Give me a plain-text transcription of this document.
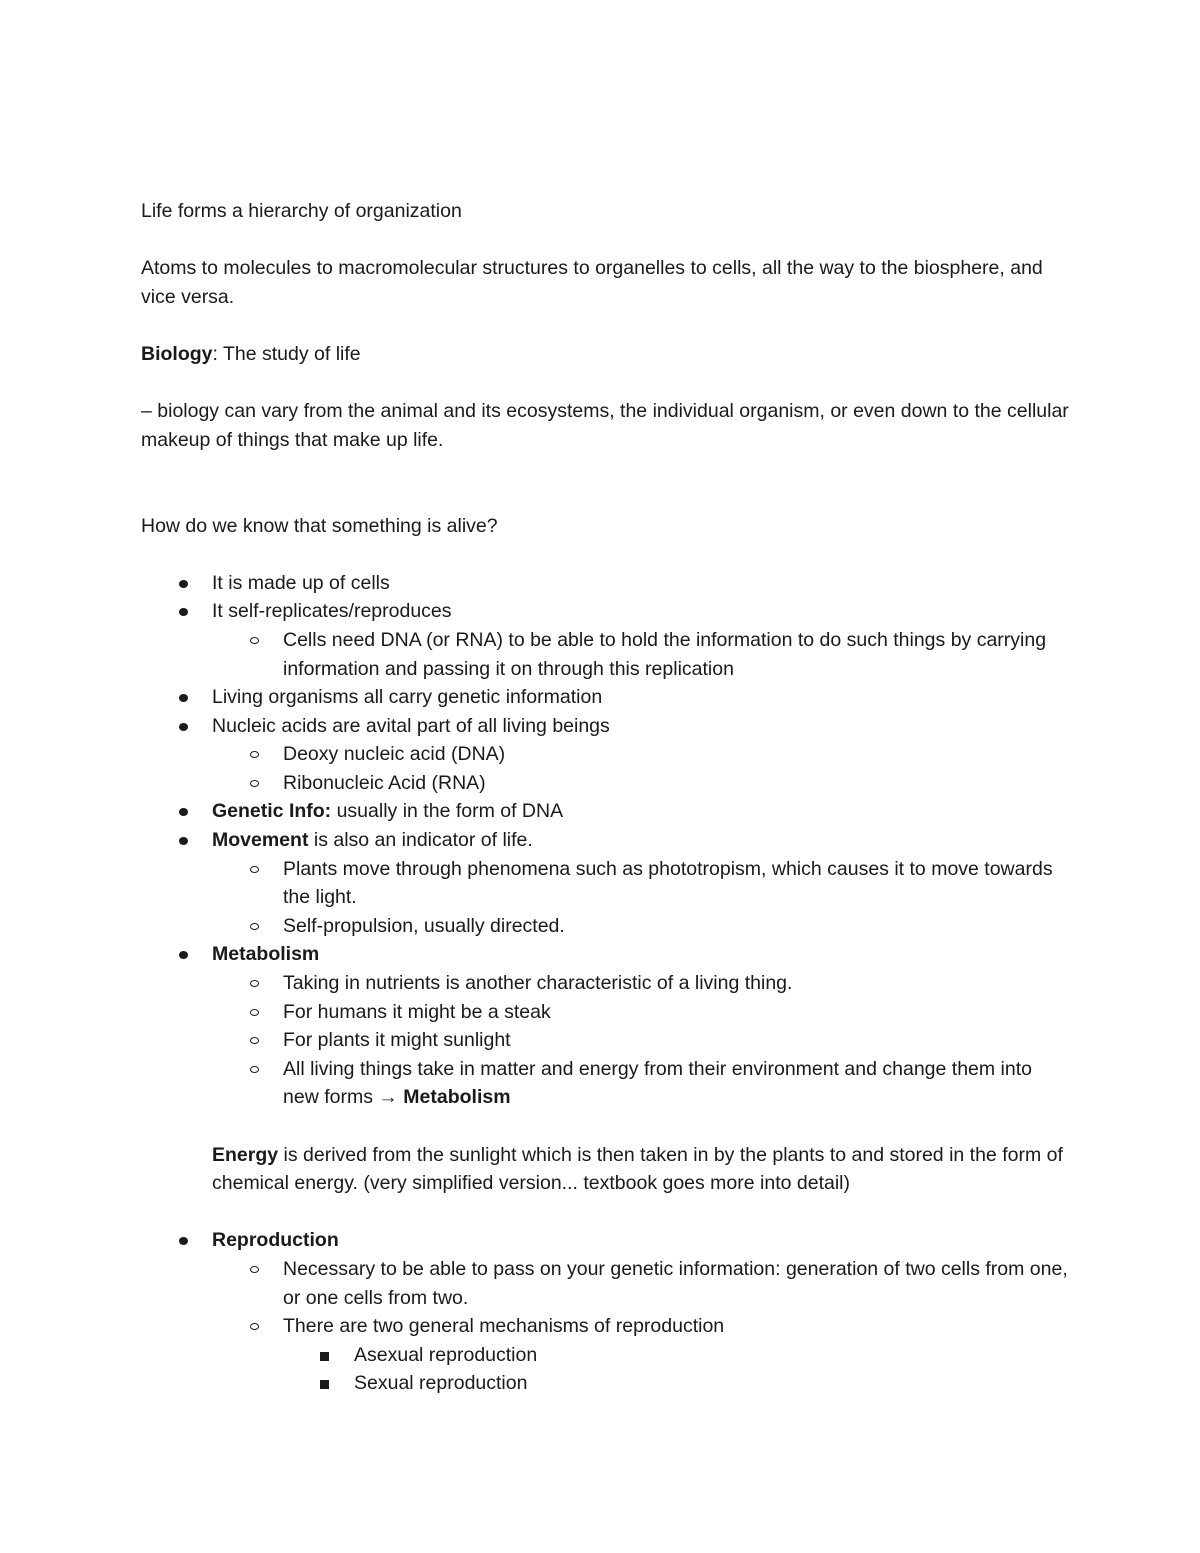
Life forms a hierarchy of organization

Atoms to molecules to macromolecular structures to organelles to cells, all the way to the biosphere, and vice versa.

Biology: The study of life

– biology can vary from the animal and its ecosystems, the individual organism, or even down to the cellular makeup of things that make up life.

How do we know that something is alive?

It is made up of cells
It self-replicates/reproduces
Cells need DNA (or RNA) to be able to hold the information to do such things by carrying information and passing it on through this replication
Living organisms all carry genetic information
Nucleic acids are avital part of all living beings
Deoxy nucleic acid (DNA)
Ribonucleic Acid (RNA)
Genetic Info: usually in the form of DNA
Movement is also an indicator of life.
Plants move through phenomena such as phototropism, which causes it to move towards the light.
Self-propulsion, usually directed.
Metabolism
Taking in nutrients is another characteristic of a living thing.
For humans it might be a steak
For plants it might sunlight
All living things take in matter and energy from their environment and change them into new forms → Metabolism

Energy is derived from the sunlight which is then taken in by the plants to and stored in the form of chemical energy. (very simplified version... textbook goes more into detail)

Reproduction
Necessary to be able to pass on your genetic information: generation of two cells from one, or one cells from two.
There are two general mechanisms of reproduction
Asexual reproduction
Sexual reproduction
